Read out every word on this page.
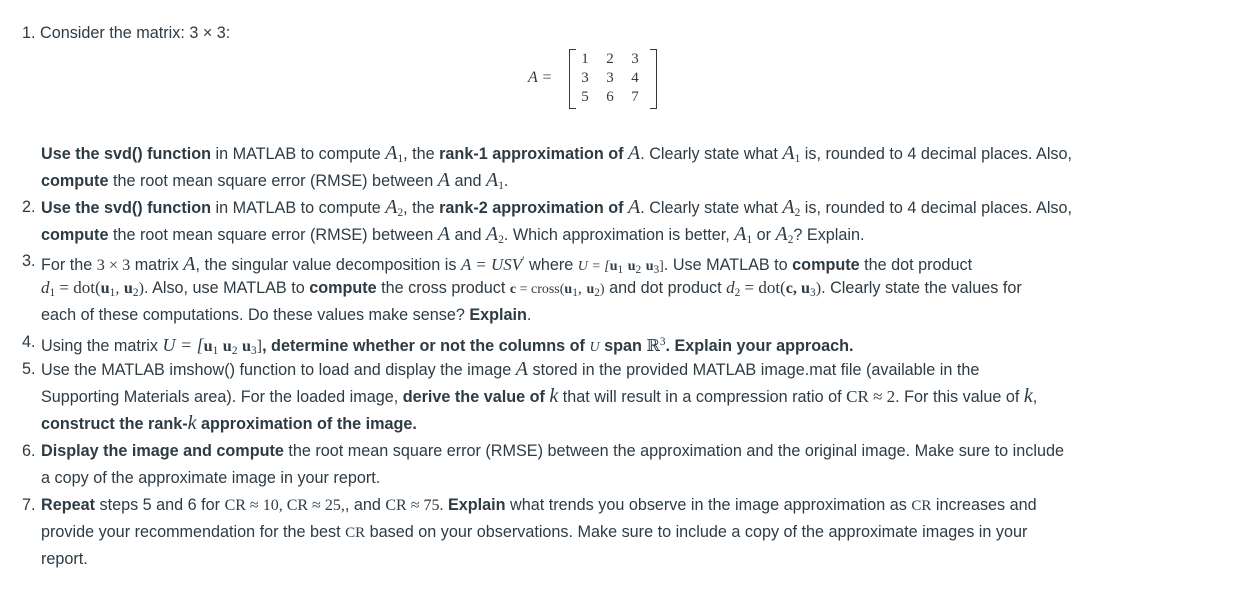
1. Consider the matrix: 3 × 3:
A =
1 2 3
3 3 4
5 6 7
Use the svd() function in MATLAB to compute $A_1$, the rank-1 approximation of A. Clearly state what $A_1$ is, rounded to 4 decimal places. Also,
compute the root mean square error (RMSE) between A and $A_1$.
2. Use the svd() function in MATLAB to compute $A_2$, the rank-2 approximation of A. Clearly state what $A_2$ is, rounded to 4 decimal places. Also,
compute the root mean square error (RMSE) between A and $A_2$. Which approximation is better, $A_1$ or $A_2$? Explain.
3. For the 3 × 3 matrix A, the singular value decomposition is A = USV′ where $U = [u_1$ $u_2$ $u_3$]. Use MATLAB to compute the dot product
$d_1 = dot(u_1$, $u_2$). Also, use MATLAB to compute the cross product $c = cross(u_1$, $u_2$) and dot product $d_2 = dot(c$, $u_3$). Clearly state the values for
each of these computations. Do these values make sense? Explain.
4. Using the matrix $U = [u_1$ $u_2$ $u_3$], determine whether or not the columns of U span ℝ$^3$. Explain your approach.
5. Use the MATLAB imshow() function to load and display the image A stored in the provided MATLAB image.mat file (available in the
Supporting Materials area). For the loaded image, derive the value of k that will result in a compression ratio of CR ≈ 2. For this value of k,
construct the rank-k approximation of the image.
6. Display the image and compute the root mean square error (RMSE) between the approximation and the original image. Make sure to include
a copy of the approximate image in your report.
7. Repeat steps 5 and 6 for CR ≈ 10, CR ≈ 25,, and CR ≈ 75. Explain what trends you observe in the image approximation as CR increases and
provide your recommendation for the best CR based on your observations. Make sure to include a copy of the approximate images in your
report.
